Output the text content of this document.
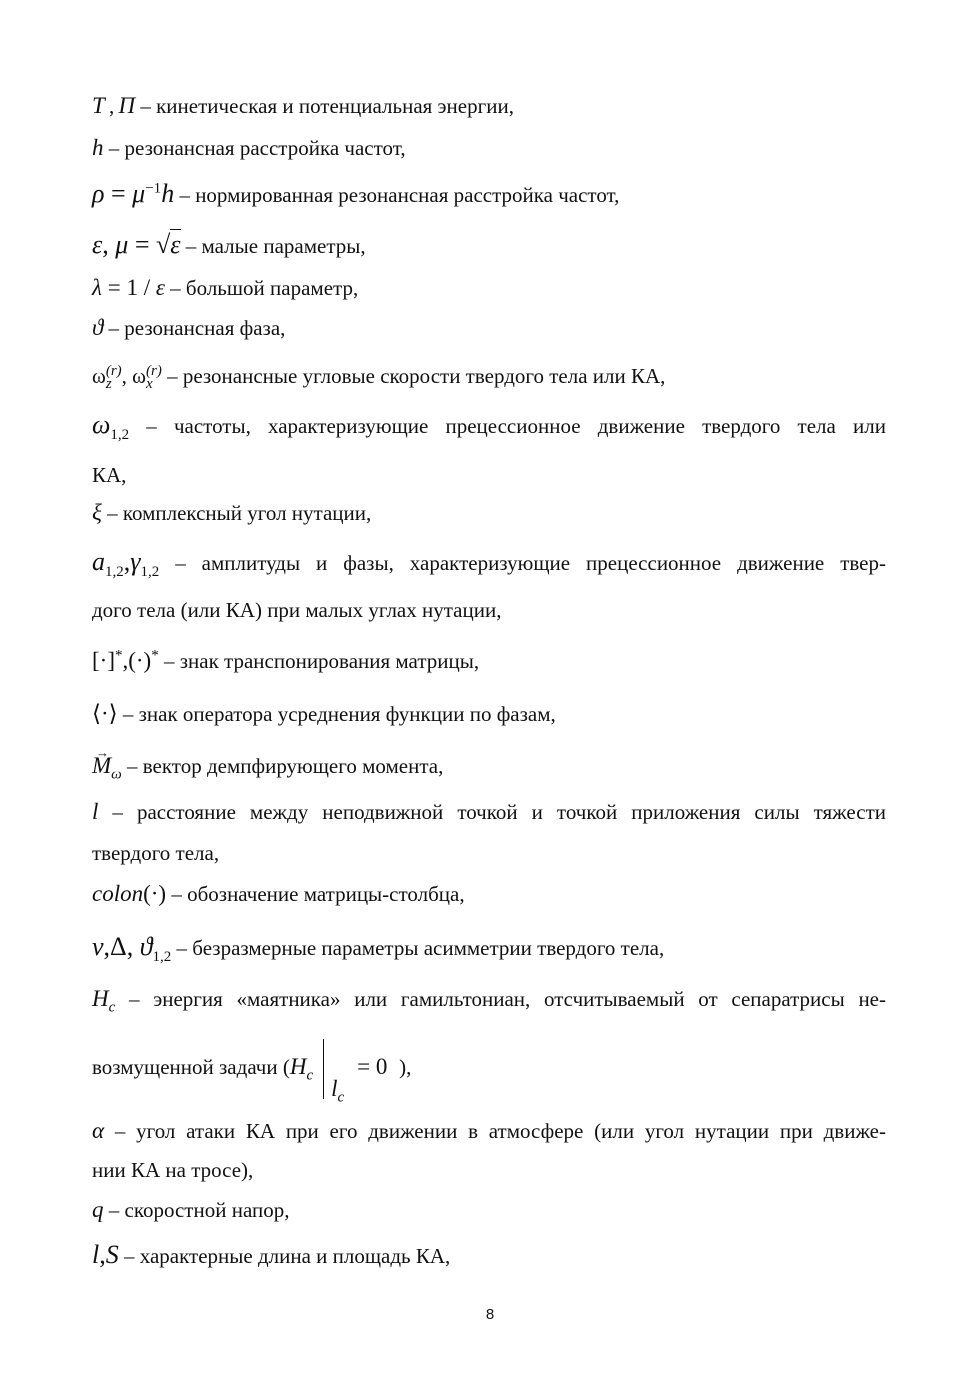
T , Π – кинетическая и потенциальная энергии,
h – резонансная расстройка частот,
$\rho = \mu^{-1}h$ – нормированная резонансная расстройка частот,
ε, μ = √ε – малые параметры,
λ = 1 / ε – большой параметр,
ϑ – резонансная фаза,
ω(r)
z , ω(r)
x – резонансные угловые скорости твердого тела или КА,
$\omega_{1,2}$ – частоты, характеризующие прецессионное движение твердого тела или
КА,
ξ – комплексный угол нутации,
$a_{1,2},\gamma_{1,2}$ – амплитуды и фазы, характеризующие прецессионное движение твер-
дого тела (или КА) при малых углах нутации,
[·]*,(·)* – знак транспонирования матрицы,
⟨·⟩ – знак оператора усреднения функции по фазам,
→ $M_\omega$ – вектор демпфирующего момента,
l – расстояние между неподвижной точкой и точкой приложения силы тяжести
твердого тела,
colon(·) – обозначение матрицы-столбца,
ν,Δ, $ϑ_{1,2}$ – безразмерные параметры асимметрии твердого тела,
$H_c$ – энергия «маятника» или гамильтониан, отсчитываемый от сепаратрисы не-
возмущенной задачи ($H_c$
$l_c$
= 0 ),
α – угол атаки КА при его движении в атмосфере (или угол нутации при движе-
нии КА на тросе),
q – скоростной напор,
l,S – характерные длина и площадь КА,
8
